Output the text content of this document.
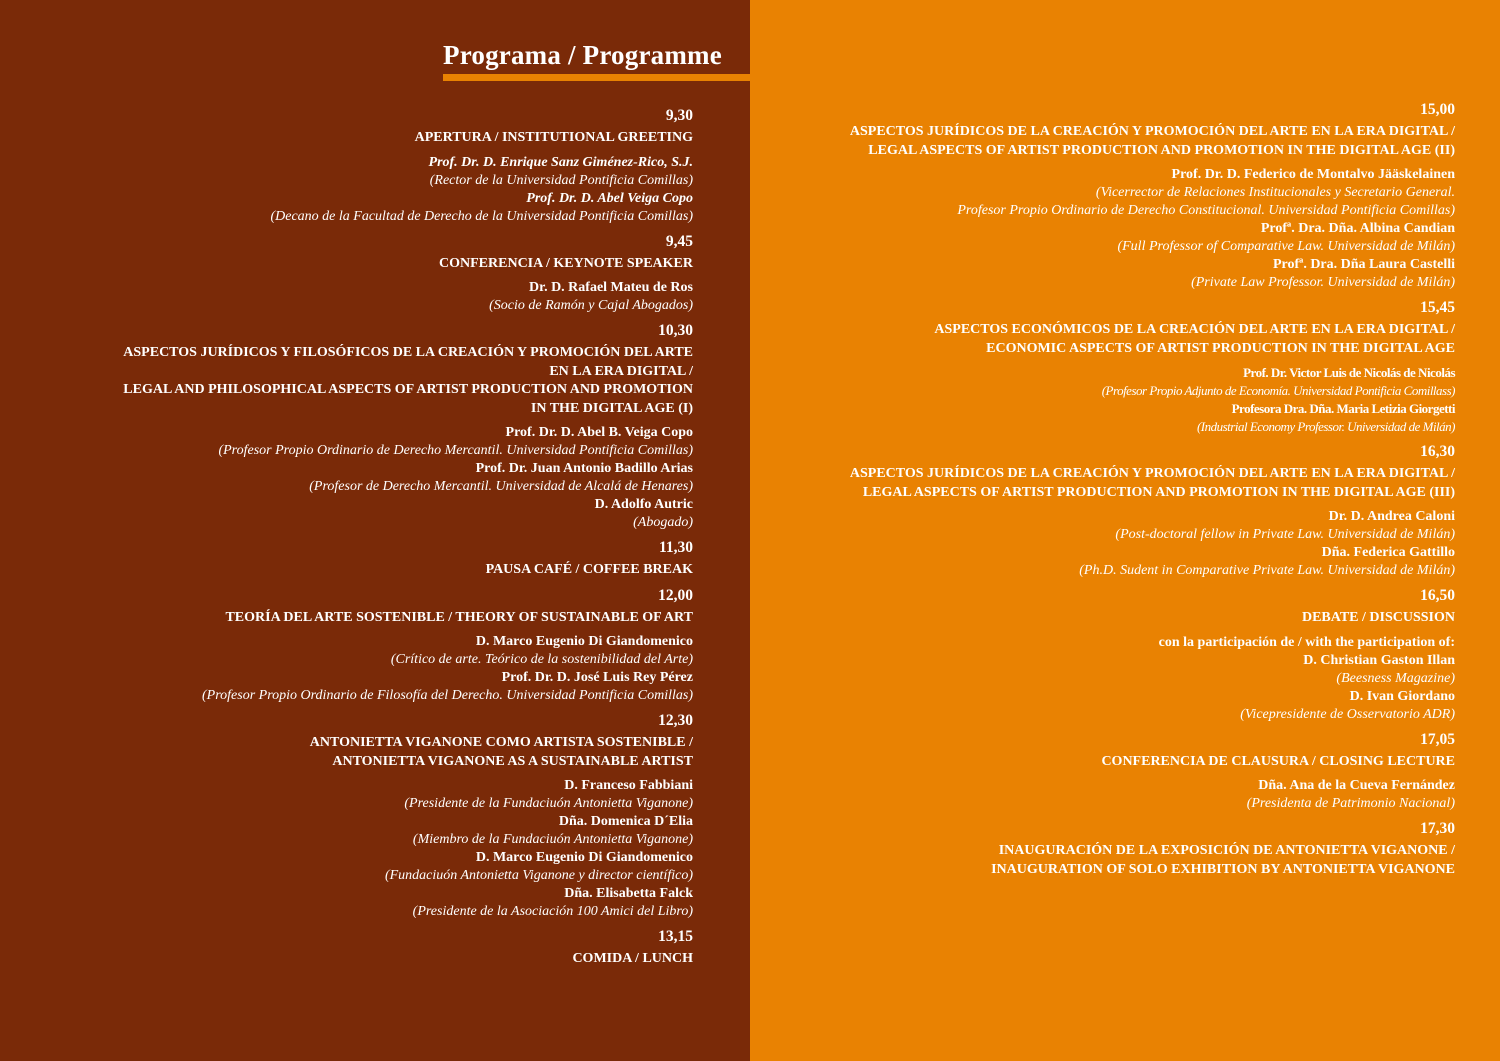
Programa / Programme
9,30
APERTURA / INSTITUTIONAL GREETING
Prof. Dr. D. Enrique Sanz Giménez-Rico, S.J.
(Rector de la Universidad Pontificia Comillas)
Prof. Dr. D. Abel Veiga Copo
(Decano de la Facultad de Derecho de la Universidad Pontificia Comillas)
9,45
CONFERENCIA / KEYNOTE SPEAKER
Dr. D. Rafael Mateu de Ros
(Socio de Ramón y Cajal Abogados)
10,30
ASPECTOS JURÍDICOS Y FILOSÓFICOS DE LA CREACIÓN Y PROMOCIÓN DEL ARTE
EN LA ERA DIGITAL /
LEGAL AND PHILOSOPHICAL ASPECTS OF ARTIST PRODUCTION AND PROMOTION
IN THE DIGITAL AGE (I)
Prof. Dr. D. Abel B. Veiga Copo
(Profesor Propio Ordinario de Derecho Mercantil. Universidad Pontificia Comillas)
Prof. Dr. Juan Antonio Badillo Arias
(Profesor de Derecho Mercantil. Universidad de Alcalá de Henares)
D. Adolfo Autric
(Abogado)
11,30
PAUSA CAFÉ / COFFEE BREAK
12,00
TEORÍA DEL ARTE SOSTENIBLE / THEORY OF SUSTAINABLE OF ART
D. Marco Eugenio Di Giandomenico
(Crítico de arte. Teórico de la sostenibilidad del Arte)
Prof. Dr. D. José Luis Rey Pérez
(Profesor Propio Ordinario de Filosofía del Derecho. Universidad Pontificia Comillas)
12,30
ANTONIETTA VIGANONE COMO ARTISTA SOSTENIBLE /
ANTONIETTA VIGANONE AS A SUSTAINABLE ARTIST
D. Franceso Fabbiani
(Presidente de la Fundaciuón Antonietta Viganone)
Dña. Domenica D´Elia
(Miembro de la Fundaciuón Antonietta Viganone)
D. Marco Eugenio Di Giandomenico
(Fundaciuón Antonietta Viganone y director científico)
Dña. Elisabetta Falck
(Presidente de la Asociación 100 Amici del Libro)
13,15
COMIDA / LUNCH
15,00
ASPECTOS JURÍDICOS DE LA CREACIÓN Y PROMOCIÓN DEL ARTE EN LA ERA DIGITAL /
LEGAL ASPECTS OF ARTIST PRODUCTION AND PROMOTION IN THE DIGITAL AGE (II)
Prof. Dr. D. Federico de Montalvo Jääskelainen
(Vicerrector de Relaciones Institucionales y Secretario General.
Profesor Propio Ordinario de Derecho Constitucional. Universidad Pontificia Comillas)
Profª. Dra. Dña. Albina Candian
(Full Professor of Comparative Law. Universidad de Milán)
Profª. Dra. Dña Laura Castelli
(Private Law Professor. Universidad de Milán)
15,45
ASPECTOS ECONÓMICOS DE LA CREACIÓN DEL ARTE EN LA ERA DIGITAL /
ECONOMIC ASPECTS OF ARTIST PRODUCTION IN THE DIGITAL AGE
Prof. Dr. Victor Luis de Nicolás de Nicolás
(Profesor Propio Adjunto de Economía. Universidad Pontificia Comillass)
Profesora Dra. Dña. Maria Letizia Giorgetti
(Industrial Economy Professor. Universidad de Milán)
16,30
ASPECTOS JURÍDICOS DE LA CREACIÓN Y PROMOCIÓN DEL ARTE EN LA ERA DIGITAL /
LEGAL ASPECTS OF ARTIST PRODUCTION AND PROMOTION IN THE DIGITAL AGE (III)
Dr. D. Andrea Caloni
(Post-doctoral fellow in Private Law. Universidad de Milán)
Dña. Federica Gattillo
(Ph.D. Sudent in Comparative Private Law. Universidad de Milán)
16,50
DEBATE / DISCUSSION
con la participación de / with the participation of:
D. Christian Gaston Illan
(Beesness Magazine)
D. Ivan Giordano
(Vicepresidente de Osservatorio ADR)
17,05
CONFERENCIA DE CLAUSURA / CLOSING LECTURE
Dña. Ana de la Cueva Fernández
(Presidenta de Patrimonio Nacional)
17,30
INAUGURACIÓN DE LA EXPOSICIÓN DE ANTONIETTA VIGANONE /
INAUGURATION OF SOLO EXHIBITION BY ANTONIETTA VIGANONE
